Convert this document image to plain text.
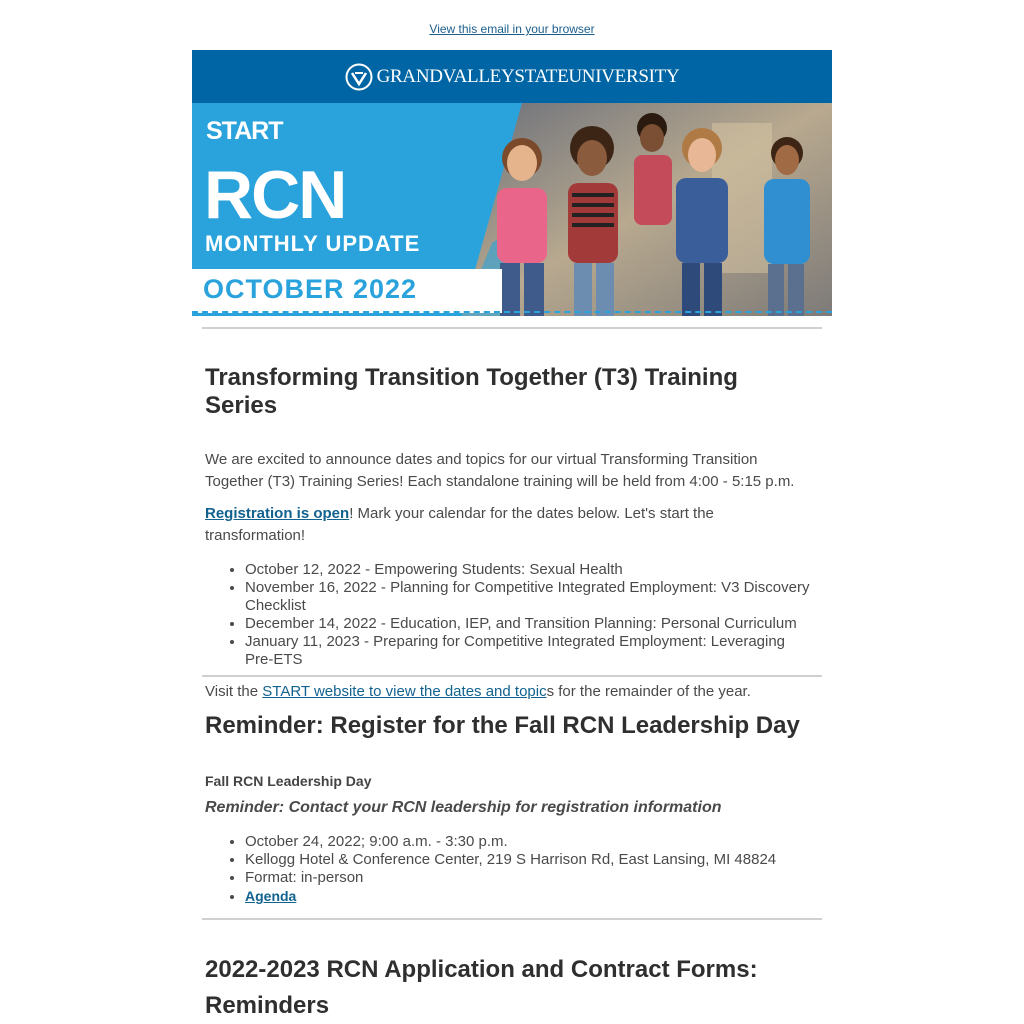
View this email in your browser
GRANDVALLEYSTATEUNIVERSITY
START
RCN
MONTHLY UPDATE
OCTOBER 2022
Transforming Transition Together (T3) Training Series

We are excited to announce dates and topics for our virtual Transforming Transition Together (T3) Training Series! Each standalone training will be held from 4:00 - 5:15 p.m.

Registration is open! Mark your calendar for the dates below. Let's start the transformation!

• October 12, 2022 - Empowering Students: Sexual Health
• November 16, 2022 - Planning for Competitive Integrated Employment: V3 Discovery Checklist
• December 14, 2022 - Education, IEP, and Transition Planning: Personal Curriculum
• January 11, 2023 - Preparing for Competitive Integrated Employment: Leveraging Pre-ETS

Visit the START website to view the dates and topics for the remainder of the year.

Reminder: Register for the Fall RCN Leadership Day

Fall RCN Leadership Day

Reminder: Contact your RCN leadership for registration information

• October 24, 2022; 9:00 a.m. - 3:30 p.m.
• Kellogg Hotel & Conference Center, 219 S Harrison Rd, East Lansing, MI 48824
• Format: in-person
• Agenda
2022-2023 RCN Application and Contract Forms: Reminders
